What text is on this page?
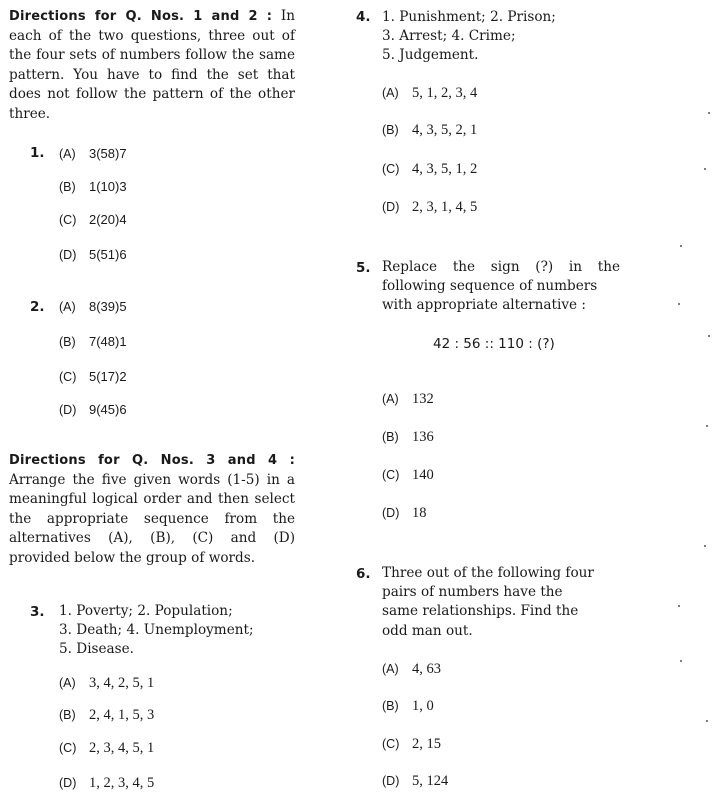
Directions for Q. Nos. 1 and 2 : In each of the two questions, three out of the four sets of numbers follow the same pattern. You have to find the set that does not follow the pattern of the other three.
1. (A) 3(58)7
(B) 1(10)3
(C) 2(20)4
(D) 5(51)6
2. (A) 8(39)5
(B) 7(48)1
(C) 5(17)2
(D) 9(45)6
Directions for Q. Nos. 3 and 4 : Arrange the five given words (1-5) in a meaningful logical order and then select the appropriate sequence from the alternatives (A), (B), (C) and (D) provided below the group of words.
3. 1. Poverty; 2. Population;
3. Death; 4. Unemployment;
5. Disease.
(A) 3, 4, 2, 5, 1
(B) 2, 4, 1, 5, 3
(C) 2, 3, 4, 5, 1
(D) 1, 2, 3, 4, 5
4. 1. Punishment; 2. Prison;
3. Arrest; 4. Crime;
5. Judgement.
(A) 5, 1, 2, 3, 4
(B) 4, 3, 5, 2, 1
(C) 4, 3, 5, 1, 2
(D) 2, 3, 1, 4, 5
5. Replace the sign (?) in the
following sequence of numbers
with appropriate alternative :
42 : 56 :: 110 : (?)
(A) 132
(B) 136
(C) 140
(D) 18
6. Three out of the following four
pairs of numbers have the
same relationships. Find the
odd man out.
(A) 4, 63
(B) 1, 0
(C) 2, 15
(D) 5, 124
